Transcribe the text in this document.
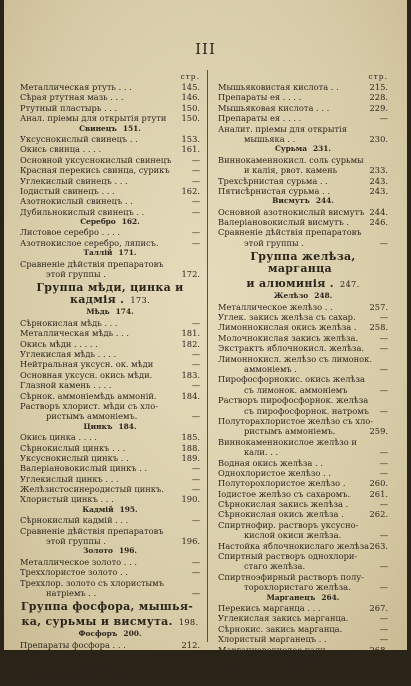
III
стр.
Металлическая ртуть . . .	145.
Сѣрая ртутная мазь . . .	146.
Ртутный пластырь . . .	150.
Анал. пріемы для открытія ртути 150.
Свинецъ 151.
Уксуснокислый свинецъ . .	153.
Окись свинца . . . .	161.
Основной уксуснокислый свинецъ —
Красная перекись свинца, сурикъ	—
Углекислый свинецъ . . .	—
Іодистый свинецъ . . .	162.
Азотнокислый свинецъ . .	—
Дубильнокислый свинецъ . .	—
Серебро 162.
Листовое серебро . . . .	—
Азотнокислое серебро, ляписъ.	—
Таллій 171.
Сравненіе дѣйствія препаратовъ
этой группы .	172.
Группа мѣди, цинка и кадмія . 173.
Мѣдь 174.
Сѣрнокислая мѣдь . . .	—
Металлическая мѣдь . . .	181.
Окись мѣди . . . . .	182.
Углекислая мѣдь . . . .	—
Нейтральная уксусн. ок. мѣди	—
Основная уксусн. окись мѣди.	183.
Глазной камень . . . .	—
Сѣрнок. аммоніемѣдь аммоній.	184.
Растворъ хлорист. мѣди съ хло-
ристымъ аммоніемъ.	—
Цинкъ 184.
Окись цинка . . . .	185.
Сѣрнокислый цинкъ . . .	188.
Уксуснокислый цинкъ . .	189.
Валеріановокислый цинкъ . .	—
Углекислый цинкъ . . .	—
Желѣзистосинеродистый цинкъ.	—
Хлористый цинкъ . . .	190.
Кадмій 195.
Сѣрнокислый кадмій . . .	—
Сравненіе дѣйствія препаратовъ
этой группы .	196.
Золото 196.
Металлическое золото . . .	—
Треххлористое золото . .	—
Треххлор. золото съ хлористымъ
натріемъ . .	—
Группа фосфора, мышья-
ка, сурьмы и висмута. 198.
Фосфоръ 200.
Препараты фосфора . . .	212.
Анал. пріемы для открытія его	213.
Мышьякъ 213.
Металлическій мышьякъ . .	214.
стр.
Мышьяковистая кислота . .	215.
Препараты ея . . . .	228.
Мышьяковая кислота . . .	229.
Препараты ея . . . .	—
Аналит. пріемы для открытія
мышьяка . .	230.
Сурьма 231.
Виннокаменнокисл. соль сурьмы
и калія, рвот. камень	233.
Трехсѣрнистая сурьма . .	243.
Пятисѣрнистая сурьма . .	243.
Висмутъ 244.
Основной азотнокислый висмутъ 244.
Валеріановокислый висмутъ . 246.
Сравненіе дѣйствія препаратовъ
этой группы .	—
Группа желѣза, марганца
и алюминія . 247.
Желѣзо 248.
Металлическое желѣзо . .	257.
Углек. закись желѣза съ сахар.	—
Лимоннокислая окись желѣза . 258.
Молочнокислая закись желѣза.	—
Экстрактъ яблочнокисл. желѣза. —
Лимоннокисл. желѣзо съ лимонок.
аммоніемъ .	—
Пирофосфорнокис. окись желѣза
съ лимонок. аммоніемъ	—
Растворъ пирофосфорнок. желѣза
съ пирофосфорнок. натромъ —
Полуторахлористое желѣзо съ хло-
ристымъ аммоніемъ.	259.
Виннокаменнокислое желѣзо и
кали. . .	—
Водная окись желѣза . .	—
Однохлористое желѣзо . .	—
Полуторохлористое желѣзо .	260.
Іодистое желѣзо съ сахаромъ. 261.
Сѣрнокислая закись желѣза .	—
Сѣрнокислая окись желѣза .	262.
Спиртнофир. растворъ уксусно-
кислой окиси желѣза.	—
Настойка яблочнокислаго желѣза 263.
Спиртный растворъ однохлори-
стаго желѣза.	—
Спиртноэфирный растворъ полу-
торохлористаго желѣза.	—
Марганецъ 264.
Перекись марганца . . .	267.
Углекислая закись марганца.	—
Сѣрнокис. закись марганца.	—
Хлористый марганецъ . .	—
Марганцовокислое кали . .	268.
Алюминій
Сѣрнок. окись глинія съ сѣрно-
кислымъ кали.	269.
